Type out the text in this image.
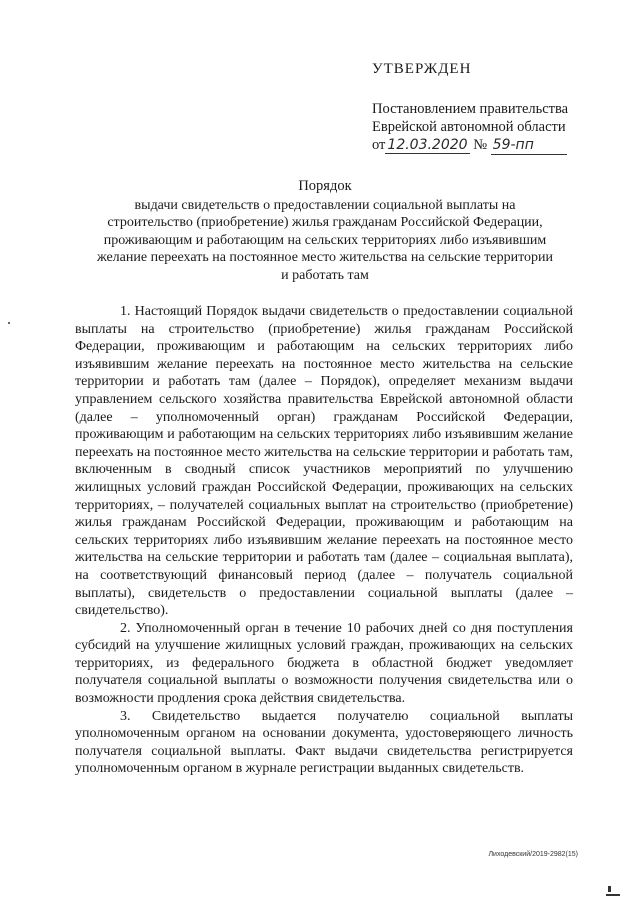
УТВЕРЖДЕН
Постановлением правительства
Еврейской автономной области
от 12.03.2020 № 59-пп
Порядок
выдачи свидетельств о предоставлении социальной выплаты на
строительство (приобретение) жилья гражданам Российской Федерации,
проживающим и работающим на сельских территориях либо изъявившим
желание переехать на постоянное место жительства на сельские территории
и работать там

1. Настоящий Порядок выдачи свидетельств о предоставлении социальной выплаты на строительство (приобретение) жилья гражданам Российской Федерации, проживающим и работающим на сельских территориях либо изъявившим желание переехать на постоянное место жительства на сельские территории и работать там (далее – Порядок), определяет механизм выдачи управлением сельского хозяйства правительства Еврейской автономной области (далее – уполномоченный орган) гражданам Российской Федерации, проживающим и работающим на сельских территориях либо изъявившим желание переехать на постоянное место жительства на сельские территории и работать там, включенным в сводный список участников мероприятий по улучшению жилищных условий граждан Российской Федерации, проживающих на сельских территориях, – получателей социальных выплат на строительство (приобретение) жилья гражданам Российской Федерации, проживающим и работающим на сельских территориях либо изъявившим желание переехать на постоянное место жительства на сельские территории и работать там (далее – социальная выплата), на соответствующий финансовый период (далее – получатель социальной выплаты), свидетельств о предоставлении социальной выплаты (далее – свидетельство).

2. Уполномоченный орган в течение 10 рабочих дней со дня поступления субсидий на улучшение жилищных условий граждан, проживающих на сельских территориях, из федерального бюджета в областной бюджет уведомляет получателя социальной выплаты о возможности получения свидетельства или о возможности продления срока действия свидетельства.

3. Свидетельство выдается получателю социальной выплаты уполномоченным органом на основании документа, удостоверяющего личность получателя социальной выплаты. Факт выдачи свидетельства регистрируется уполномоченным органом в журнале регистрации выданных свидетельств.

Лиходевский/2019-2982(15)
